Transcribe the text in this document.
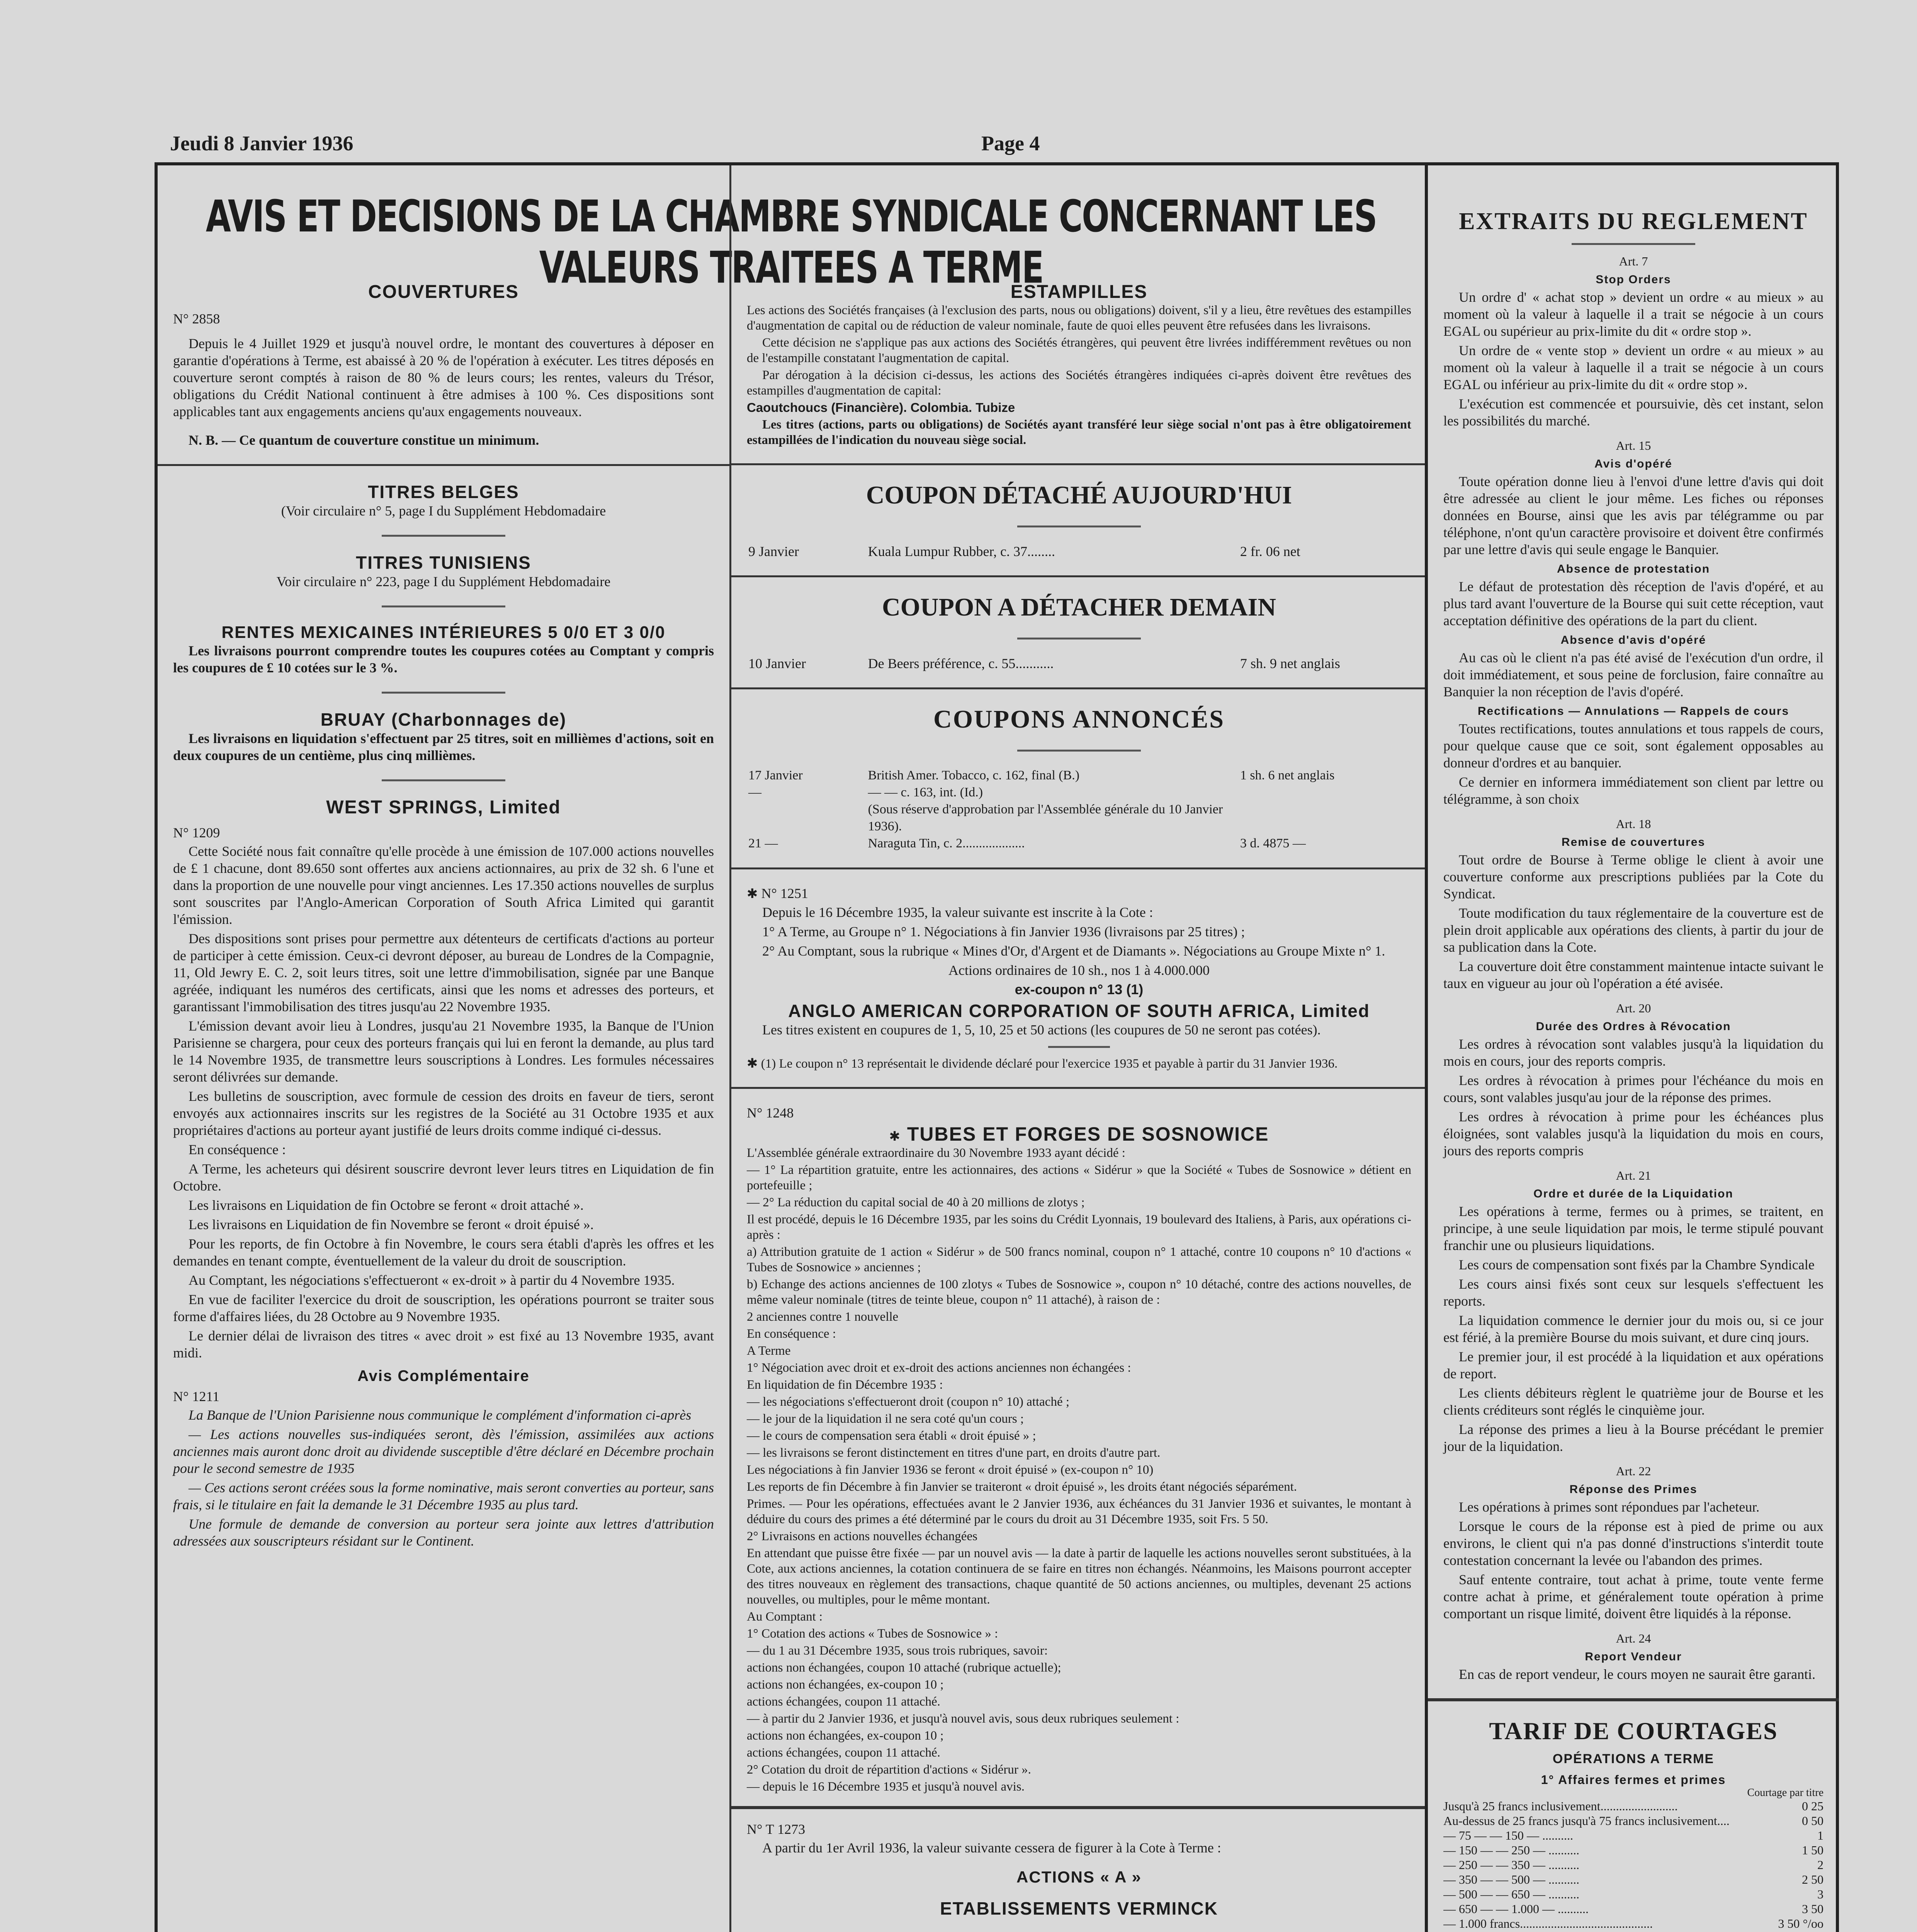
Jeudi 8 Janvier 1936	Page 4
AVIS ET DECISIONS DE LA CHAMBRE SYNDICALE CONCERNANT LES VALEURS TRAITEES A TERME
COUVERTURES
N° 2858

Depuis le 4 Juillet 1929 et jusqu'à nouvel ordre, le montant des couvertures à déposer en garantie d'opérations à Terme, est abaissé à 20 % de l'opération à exécuter. Les titres déposés en couverture seront comptés à raison de 80 % de leurs cours; les rentes, valeurs du Trésor, obligations du Crédit National continuent à être admises à 100 %. Ces dispositions sont applicables tant aux engagements anciens qu'aux engagements nouveaux.

N. B. — Ce quantum de couverture constitue un minimum.

TITRES BELGES

(Voir circulaire n° 5, page I du Supplément Hebdomadaire

TITRES TUNISIENS

Voir circulaire n° 223, page I du Supplément Hebdomadaire

RENTES MEXICAINES INTÉRIEURES 5 0/0 ET 3 0/0

Les livraisons pourront comprendre toutes les coupures cotées au Comptant y compris les coupures de £ 10 cotées sur le 3 %.

BRUAY (Charbonnages de)

Les livraisons en liquidation s'effectuent par 25 titres, soit en millièmes d'actions, soit en deux coupures de un centième, plus cinq millièmes.

WEST SPRINGS, Limited
N° 1209

Cette Société nous fait connaître qu'elle procède à une émission de 107.000 actions nouvelles de £ 1 chacune, dont 89.650 sont offertes aux anciens actionnaires, au prix de 32 sh. 6 l'une et dans la proportion de une nouvelle pour vingt anciennes. Les 17.350 actions nouvelles de surplus sont souscrites par l'Anglo-American Corporation of South Africa Limited qui garantit l'émission.

Des dispositions sont prises pour permettre aux détenteurs de certificats d'actions au porteur de participer à cette émission. Ceux-ci devront déposer, au bureau de Londres de la Compagnie, 11, Old Jewry E. C. 2, soit leurs titres, soit une lettre d'immobilisation, signée par une Banque agréée, indiquant les numéros des certificats, ainsi que les noms et adresses des porteurs, et garantissant l'immobilisation des titres jusqu'au 22 Novembre 1935.

L'émission devant avoir lieu à Londres, jusqu'au 21 Novembre 1935, la Banque de l'Union Parisienne se chargera, pour ceux des porteurs français qui lui en feront la demande, au plus tard le 14 Novembre 1935, de transmettre leurs souscriptions à Londres. Les formules nécessaires seront délivrées sur demande.

Les bulletins de souscription, avec formule de cession des droits en faveur de tiers, seront envoyés aux actionnaires inscrits sur les registres de la Société au 31 Octobre 1935 et aux propriétaires d'actions au porteur ayant justifié de leurs droits comme indiqué ci-dessus.

En conséquence :

A Terme, les acheteurs qui désirent souscrire devront lever leurs titres en Liquidation de fin Octobre.

Les livraisons en Liquidation de fin Octobre se feront « droit attaché ».

Les livraisons en Liquidation de fin Novembre se feront « droit épuisé ».

Pour les reports, de fin Octobre à fin Novembre, le cours sera établi d'après les offres et les demandes en tenant compte, éventuellement de la valeur du droit de souscription.

Au Comptant, les négociations s'effectueront « ex-droit » à partir du 4 Novembre 1935.

En vue de faciliter l'exercice du droit de souscription, les opérations pourront se traiter sous forme d'affaires liées, du 28 Octobre au 9 Novembre 1935.

Le dernier délai de livraison des titres « avec droit » est fixé au 13 Novembre 1935, avant midi.

Avis Complémentaire
N° 1211

La Banque de l'Union Parisienne nous communique le complément d'information ci-après

— Les actions nouvelles sus-indiquées seront, dès l'émission, assimilées aux actions anciennes mais auront donc droit au dividende susceptible d'être déclaré en Décembre prochain pour le second semestre de 1935

— Ces actions seront créées sous la forme nominative, mais seront converties au porteur, sans frais, si le titulaire en fait la demande le 31 Décembre 1935 au plus tard.

Une formule de demande de conversion au porteur sera jointe aux lettres d'attribution adressées aux souscripteurs résidant sur le Continent.

ESTAMPILLES

Les actions des Sociétés françaises (à l'exclusion des parts, nous ou obligations) doivent, s'il y a lieu, être revêtues des estampilles d'augmentation de capital ou de réduction de valeur nominale, faute de quoi elles peuvent être refusées dans les livraisons.

Cette décision ne s'applique pas aux actions des Sociétés étrangères, qui peuvent être livrées indifféremment revêtues ou non de l'estampille constatant l'augmentation de capital.

Par dérogation à la décision ci-dessus, les actions des Sociétés étrangères indiquées ci-après doivent être revêtues des estampilles d'augmentation de capital:

Caoutchoucs (Financière). Colombia. Tubize

Les titres (actions, parts ou obligations) de Sociétés ayant transféré leur siège social n'ont pas à être obligatoirement estampillées de l'indication du nouveau siège social.

COUPON DÉTACHÉ AUJOURD'HUI
9 Janvier	Kuala Lumpur Rubber, c. 37........	2 fr. 06 net
COUPON A DÉTACHER DEMAIN
10 Janvier	De Beers préférence, c. 55...........	7 sh. 9 net anglais
COUPONS ANNONCÉS
17 Janvier	British Amer. Tobacco, c. 162, final (B.)	1 sh. 6 net anglais
—	— — c. 163, int. (Id.)	
	(Sous réserve d'approbation par l'Assemblée générale du 10 Janvier 1936).	
21 —	Naraguta Tin, c. 2...................	3 d. 4875 —
✱ N° 1251

Depuis le 16 Décembre 1935, la valeur suivante est inscrite à la Cote :

1° A Terme, au Groupe n° 1. Négociations à fin Janvier 1936 (livraisons par 25 titres) ;

2° Au Comptant, sous la rubrique « Mines d'Or, d'Argent et de Diamants ». Négociations au Groupe Mixte n° 1.

Actions ordinaires de 10 sh., nos 1 à 4.000.000

ex-coupon n° 13 (1)

ANGLO AMERICAN CORPORATION OF SOUTH AFRICA, Limited

Les titres existent en coupures de 1, 5, 10, 25 et 50 actions (les coupures de 50 ne seront pas cotées).

✱ (1) Le coupon n° 13 représentait le dividende déclaré pour l'exercice 1935 et payable à partir du 31 Janvier 1936.

N° 1248
✱ TUBES ET FORGES DE SOSNOWICE

L'Assemblée générale extraordinaire du 30 Novembre 1933 ayant décidé :

— 1° La répartition gratuite, entre les actionnaires, des actions « Sidérur » que la Société « Tubes de Sosnowice » détient en portefeuille ;

— 2° La réduction du capital social de 40 à 20 millions de zlotys ;

Il est procédé, depuis le 16 Décembre 1935, par les soins du Crédit Lyonnais, 19 boulevard des Italiens, à Paris, aux opérations ci-après :

a) Attribution gratuite de 1 action « Sidérur » de 500 francs nominal, coupon n° 1 attaché, contre 10 coupons n° 10 d'actions « Tubes de Sosnowice » anciennes ;

b) Echange des actions anciennes de 100 zlotys « Tubes de Sosnowice », coupon n° 10 détaché, contre des actions nouvelles, de même valeur nominale (titres de teinte bleue, coupon n° 11 attaché), à raison de :

2 anciennes contre 1 nouvelle

En conséquence :

A Terme

1° Négociation avec droit et ex-droit des actions anciennes non échangées :

En liquidation de fin Décembre 1935 :

— les négociations s'effectueront droit (coupon n° 10) attaché ;

— le jour de la liquidation il ne sera coté qu'un cours ;

— le cours de compensation sera établi « droit épuisé » ;

— les livraisons se feront distinctement en titres d'une part, en droits d'autre part.

Les négociations à fin Janvier 1936 se feront « droit épuisé » (ex-coupon n° 10)

Les reports de fin Décembre à fin Janvier se traiteront « droit épuisé », les droits étant négociés séparément.

Primes. — Pour les opérations, effectuées avant le 2 Janvier 1936, aux échéances du 31 Janvier 1936 et suivantes, le montant à déduire du cours des primes a été déterminé par le cours du droit au 31 Décembre 1935, soit Frs. 5 50.

2° Livraisons en actions nouvelles échangées

En attendant que puisse être fixée — par un nouvel avis — la date à partir de laquelle les actions nouvelles seront substituées, à la Cote, aux actions anciennes, la cotation continuera de se faire en titres non échangés. Néanmoins, les Maisons pourront accepter des titres nouveaux en règlement des transactions, chaque quantité de 50 actions anciennes, ou multiples, devenant 25 actions nouvelles, ou multiples, pour le même montant.

Au Comptant :

1° Cotation des actions « Tubes de Sosnowice » :

— du 1 au 31 Décembre 1935, sous trois rubriques, savoir:

actions non échangées, coupon 10 attaché (rubrique actuelle);

actions non échangées, ex-coupon 10 ;

actions échangées, coupon 11 attaché.

— à partir du 2 Janvier 1936, et jusqu'à nouvel avis, sous deux rubriques seulement :

actions non échangées, ex-coupon 10 ;

actions échangées, coupon 11 attaché.

2° Cotation du droit de répartition d'actions « Sidérur ».

— depuis le 16 Décembre 1935 et jusqu'à nouvel avis.

N° T 1273

A partir du 1er Avril 1936, la valeur suivante cessera de figurer à la Cote à Terme :

ACTIONS « A »
ETABLISSEMENTS VERMINCK
EXTRAITS DU REGLEMENT
Art. 7
Stop Orders

Un ordre d' « achat stop » devient un ordre « au mieux » au moment où la valeur à laquelle il a trait se négocie à un cours EGAL ou supérieur au prix-limite du dit « ordre stop ».

Un ordre de « vente stop » devient un ordre « au mieux » au moment où la valeur à laquelle il a trait se négocie à un cours EGAL ou inférieur au prix-limite du dit « ordre stop ».

L'exécution est commencée et poursuivie, dès cet instant, selon les possibilités du marché.

Art. 15
Avis d'opéré

Toute opération donne lieu à l'envoi d'une lettre d'avis qui doit être adressée au client le jour même. Les fiches ou réponses données en Bourse, ainsi que les avis par télégramme ou par téléphone, n'ont qu'un caractère provisoire et doivent être confirmés par une lettre d'avis qui seule engage le Banquier.

Absence de protestation

Le défaut de protestation dès réception de l'avis d'opéré, et au plus tard avant l'ouverture de la Bourse qui suit cette réception, vaut acceptation définitive des opérations de la part du client.

Absence d'avis d'opéré

Au cas où le client n'a pas été avisé de l'exécution d'un ordre, il doit immédiatement, et sous peine de forclusion, faire connaître au Banquier la non réception de l'avis d'opéré.

Rectifications — Annulations — Rappels de cours

Toutes rectifications, toutes annulations et tous rappels de cours, pour quelque cause que ce soit, sont également opposables au donneur d'ordres et au banquier.

Ce dernier en informera immédiatement son client par lettre ou télégramme, à son choix

Art. 18
Remise de couvertures

Tout ordre de Bourse à Terme oblige le client à avoir une couverture conforme aux prescriptions publiées par la Cote du Syndicat.

Toute modification du taux réglementaire de la couverture est de plein droit applicable aux opérations des clients, à partir du jour de sa publication dans la Cote.

La couverture doit être constamment maintenue intacte suivant le taux en vigueur au jour où l'opération a été avisée.

Art. 20
Durée des Ordres à Révocation

Les ordres à révocation sont valables jusqu'à la liquidation du mois en cours, jour des reports compris.

Les ordres à révocation à primes pour l'échéance du mois en cours, sont valables jusqu'au jour de la réponse des primes.

Les ordres à révocation à prime pour les échéances plus éloignées, sont valables jusqu'à la liquidation du mois en cours, jours des reports compris

Art. 21
Ordre et durée de la Liquidation

Les opérations à terme, fermes ou à primes, se traitent, en principe, à une seule liquidation par mois, le terme stipulé pouvant franchir une ou plusieurs liquidations.

Les cours de compensation sont fixés par la Chambre Syndicale

Les cours ainsi fixés sont ceux sur lesquels s'effectuent les reports.

La liquidation commence le dernier jour du mois ou, si ce jour est férié, à la première Bourse du mois suivant, et dure cinq jours.

Le premier jour, il est procédé à la liquidation et aux opérations de report.

Les clients débiteurs règlent le quatrième jour de Bourse et les clients créditeurs sont réglés le cinquième jour.

La réponse des primes a lieu à la Bourse précédant le premier jour de la liquidation.

Art. 22
Réponse des Primes

Les opérations à primes sont répondues par l'acheteur.

Lorsque le cours de la réponse est à pied de prime ou aux environs, le client qui n'a pas donné d'instructions s'interdit toute contestation concernant la levée ou l'abandon des primes.

Sauf entente contraire, tout achat à prime, toute vente ferme contre achat à prime, et généralement toute opération à prime comportant un risque limité, doivent être liquidés à la réponse.

Art. 24
Report Vendeur

En cas de report vendeur, le cours moyen ne saurait être garanti.

TARIF DE COURTAGES
OPÉRATIONS A TERME
1° Affaires fermes et primes
Courtage par titre
Jusqu'à 25 francs inclusivement.........................	0 25
Au-dessus de 25 francs jusqu'à 75 francs inclusivement....	0 50
— 75 — — 150 — ..........	1
— 150 — — 250 — ..........	1 50
— 250 — — 350 — ..........	2
— 350 — — 500 — ..........	2 50
— 500 — — 650 — ..........	3
— 650 — — 1.000 — ..........	3 50
— 1.000 francs...........................................	3 50 °/oo
